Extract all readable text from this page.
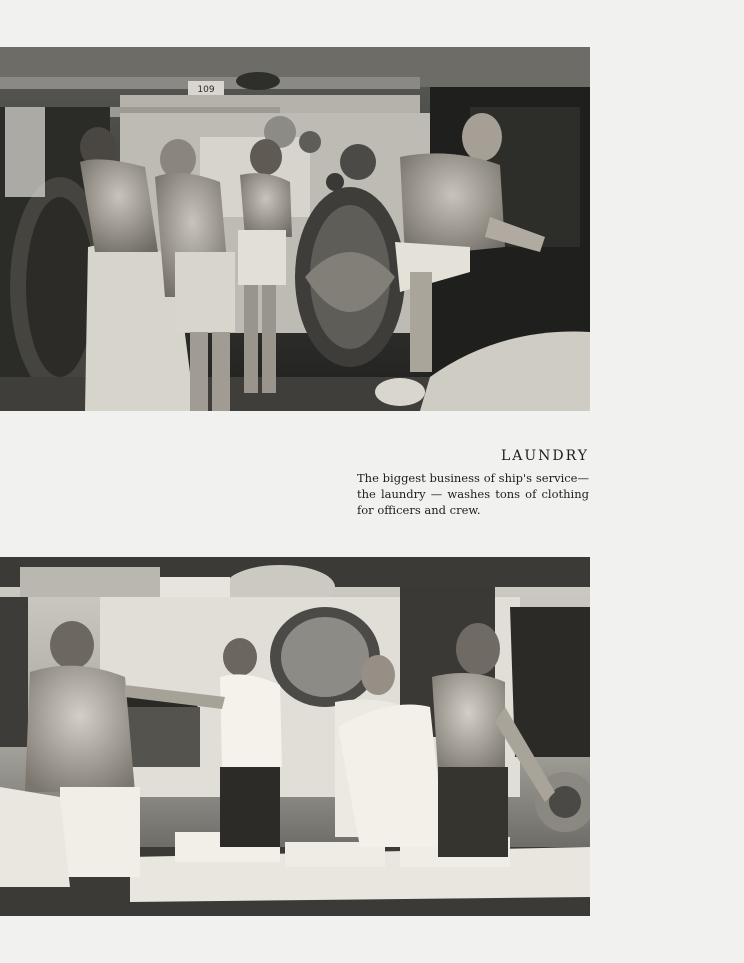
109
LAUNDRY

The biggest business of ship's service—the laundry — washes tons of clothing for officers and crew.
